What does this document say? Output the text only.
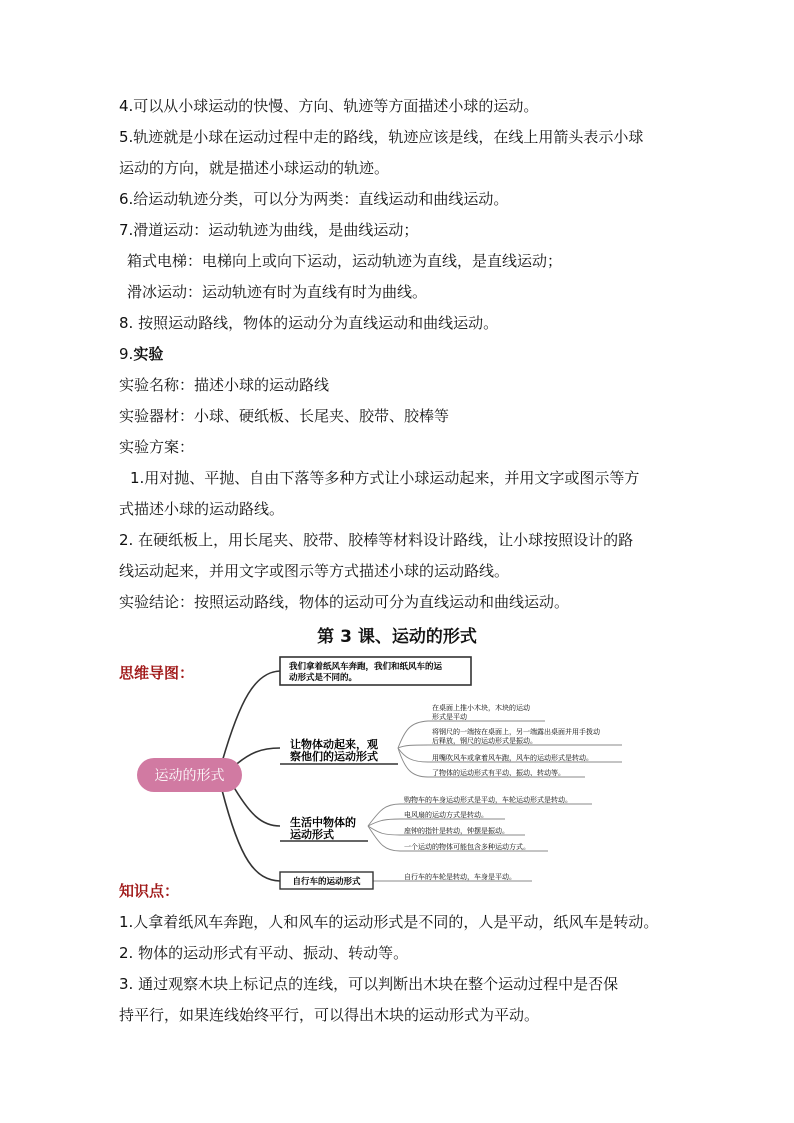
4.可以从小球运动的快慢、方向、轨迹等方面描述小球的运动。
5.轨迹就是小球在运动过程中走的路线，轨迹应该是线，在线上用箭头表示小球
运动的方向，就是描述小球运动的轨迹。
6.给运动轨迹分类，可以分为两类：直线运动和曲线运动。
7.滑道运动：运动轨迹为曲线，是曲线运动；
箱式电梯：电梯向上或向下运动，运动轨迹为直线，是直线运动；
滑冰运动：运动轨迹有时为直线有时为曲线。
8. 按照运动路线，物体的运动分为直线运动和曲线运动。
9.实验
实验名称：描述小球的运动路线
实验器材：小球、硬纸板、长尾夹、胶带、胶棒等
实验方案：
1.用对抛、平抛、自由下落等多种方式让小球运动起来，并用文字或图示等方
式描述小球的运动路线。
2. 在硬纸板上，用长尾夹、胶带、胶棒等材料设计路线，让小球按照设计的路
线运动起来，并用文字或图示等方式描述小球的运动路线。
实验结论：按照运动路线，物体的运动可分为直线运动和曲线运动。
第 3 课、运动的形式
思维导图：
运动的形式
我们拿着纸风车奔跑，我们和纸风车的运
动形式是不同的。
让物体动起来，观
察他们的运动形式
在桌面上推小木块，木块的运动
形式是平动
将钢尺的一端按在桌面上，另一端露出桌面并用手拨动
后释放，钢尺的运动形式是振动。
用嘴吹风车或拿着风车跑，风车的运动形式是转动。
了物体的运动形式有平动、振动、转动等。
生活中物体的
运动形式
购物车的车身运动形式是平动，车轮运动形式是转动。
电风扇的运动方式是转动。
座钟的指针是转动，钟摆是振动。
一个运动的物体可能包含多种运动方式。
自行车的运动形式	自行车的车轮是转动，车身是平动。
知识点：
1.人拿着纸风车奔跑，人和风车的运动形式是不同的，人是平动，纸风车是转动。
2. 物体的运动形式有平动、振动、转动等。
3. 通过观察木块上标记点的连线，可以判断出木块在整个运动过程中是否保
持平行，如果连线始终平行，可以得出木块的运动形式为平动。
